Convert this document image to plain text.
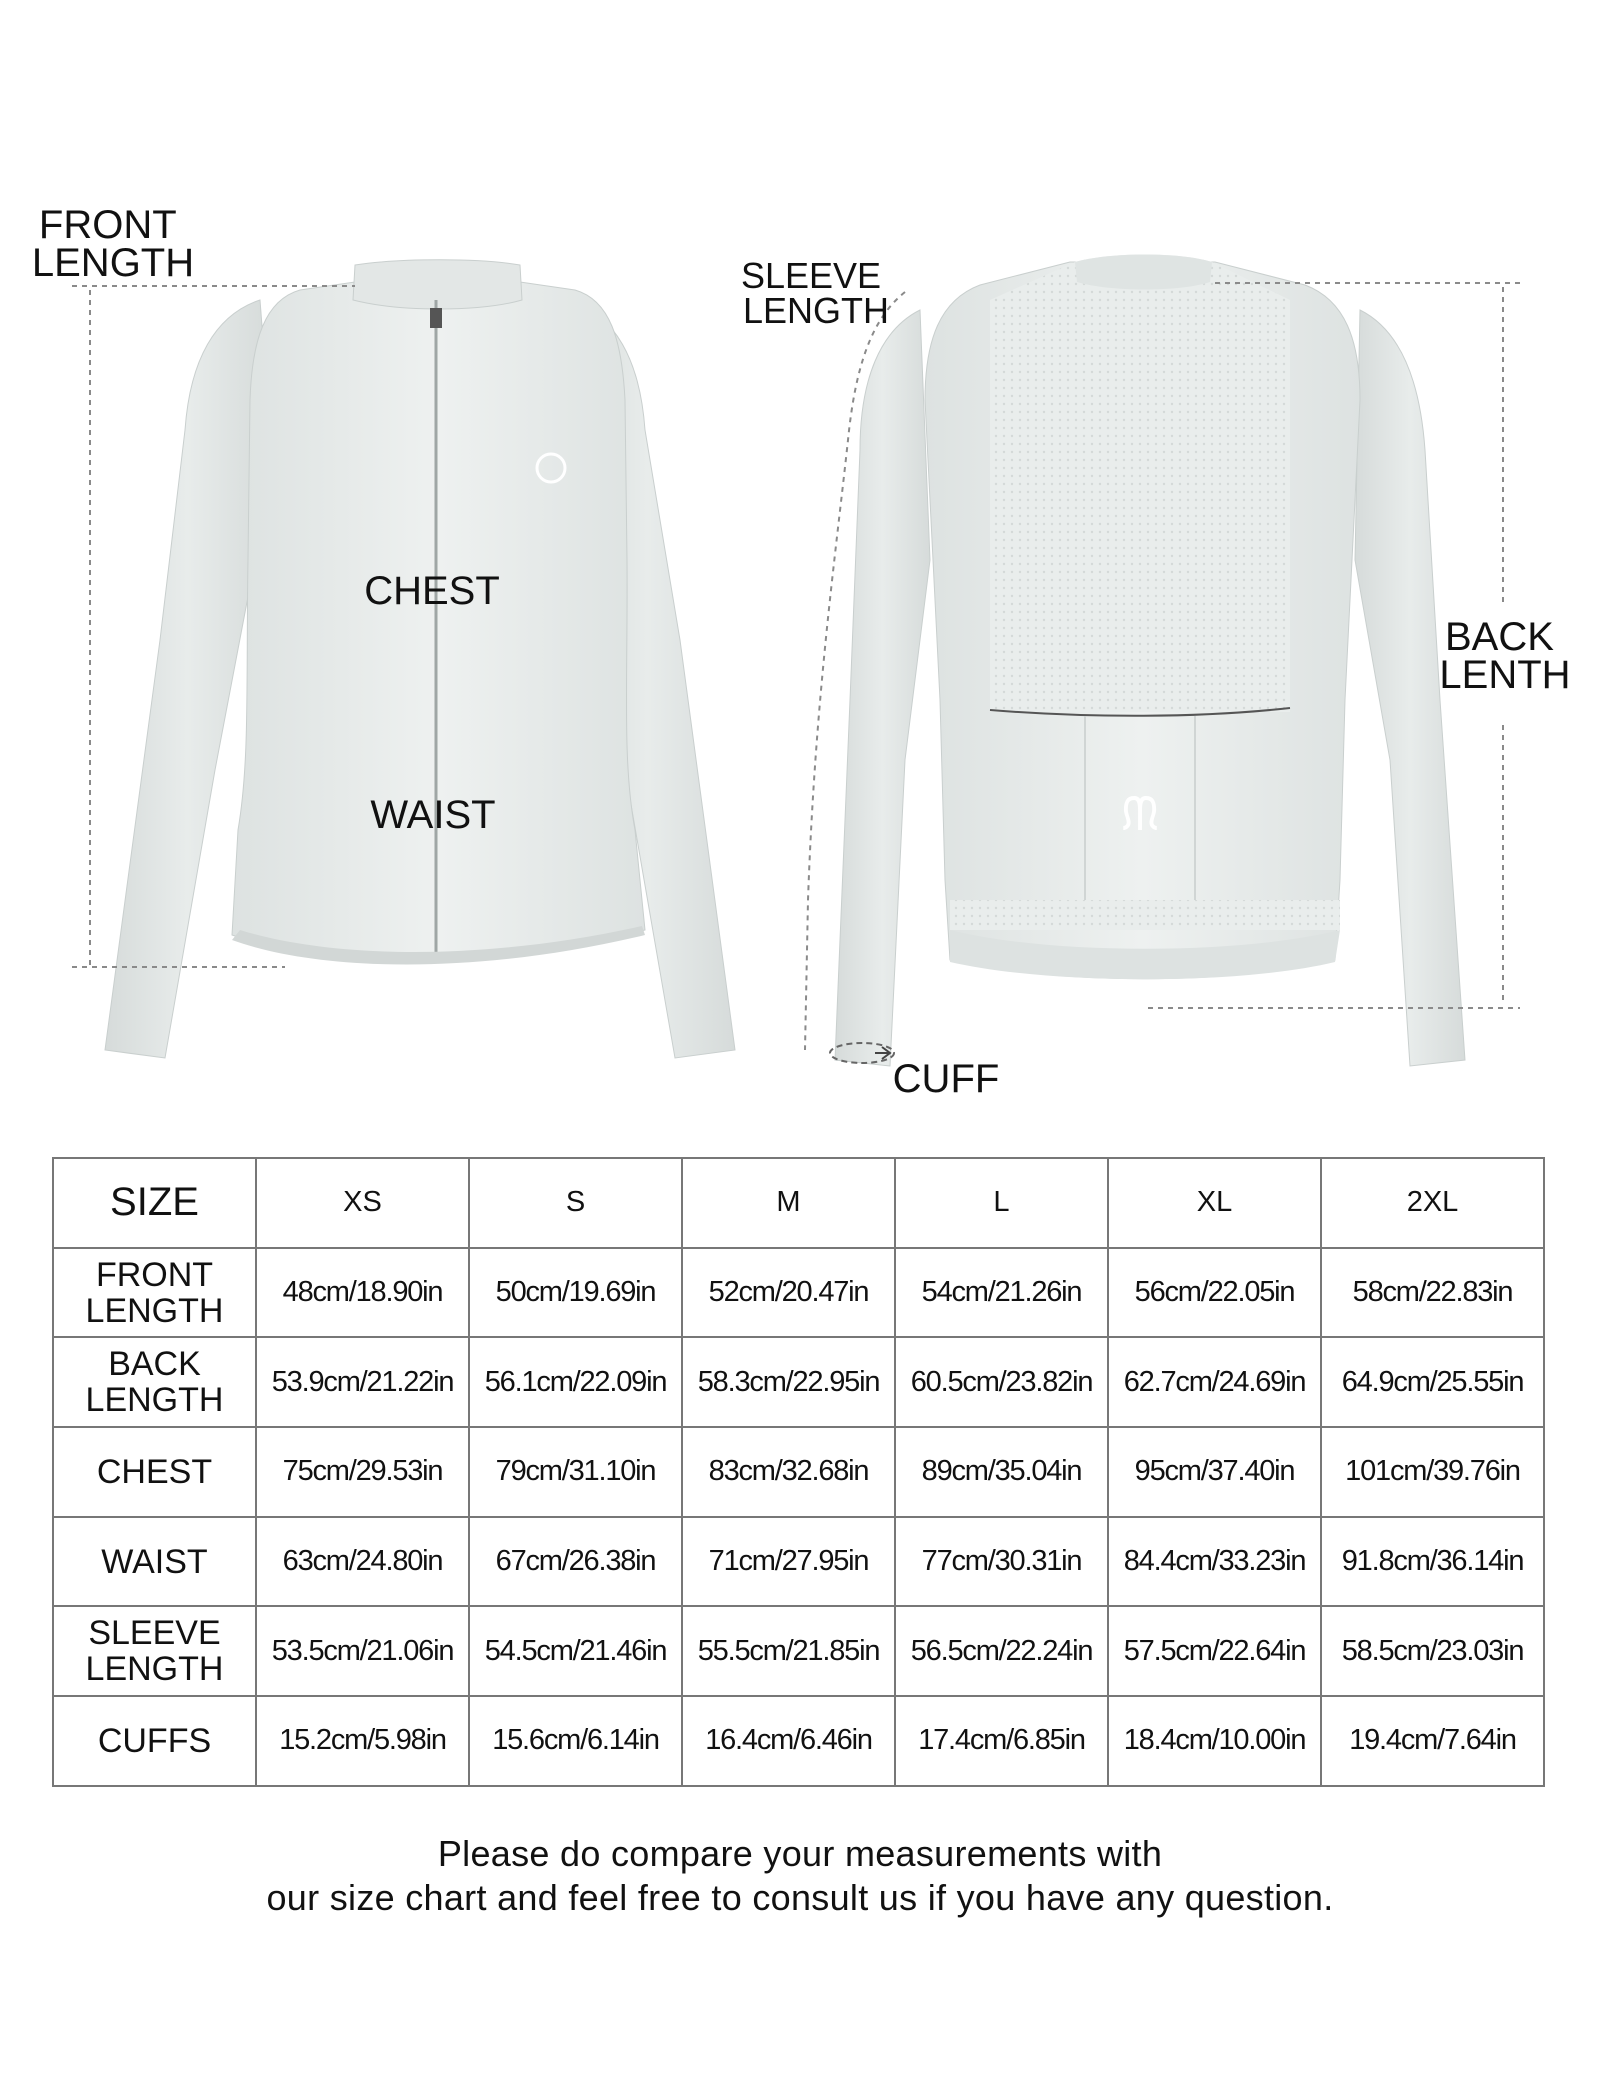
ᙏ
FRONT LENGTH	SLEEVE LENGTH
CHEST
WAIST
BACK LENTH
CUFF
SIZE	XS	S	M	L	XL	2XL
FRONT
LENGTH	48cm/18.90in	50cm/19.69in	52cm/20.47in	54cm/21.26in	56cm/22.05in	58cm/22.83in
BACK
LENGTH	53.9cm/21.22in	56.1cm/22.09in	58.3cm/22.95in	60.5cm/23.82in	62.7cm/24.69in	64.9cm/25.55in
CHEST	75cm/29.53in	79cm/31.10in	83cm/32.68in	89cm/35.04in	95cm/37.40in	101cm/39.76in
WAIST	63cm/24.80in	67cm/26.38in	71cm/27.95in	77cm/30.31in	84.4cm/33.23in	91.8cm/36.14in
SLEEVE
LENGTH	53.5cm/21.06in	54.5cm/21.46in	55.5cm/21.85in	56.5cm/22.24in	57.5cm/22.64in	58.5cm/23.03in
CUFFS	15.2cm/5.98in	15.6cm/6.14in	16.4cm/6.46in	17.4cm/6.85in	18.4cm/10.00in	19.4cm/7.64in
Please do compare your measurements with
our size chart and feel free to consult us if you have any question.
